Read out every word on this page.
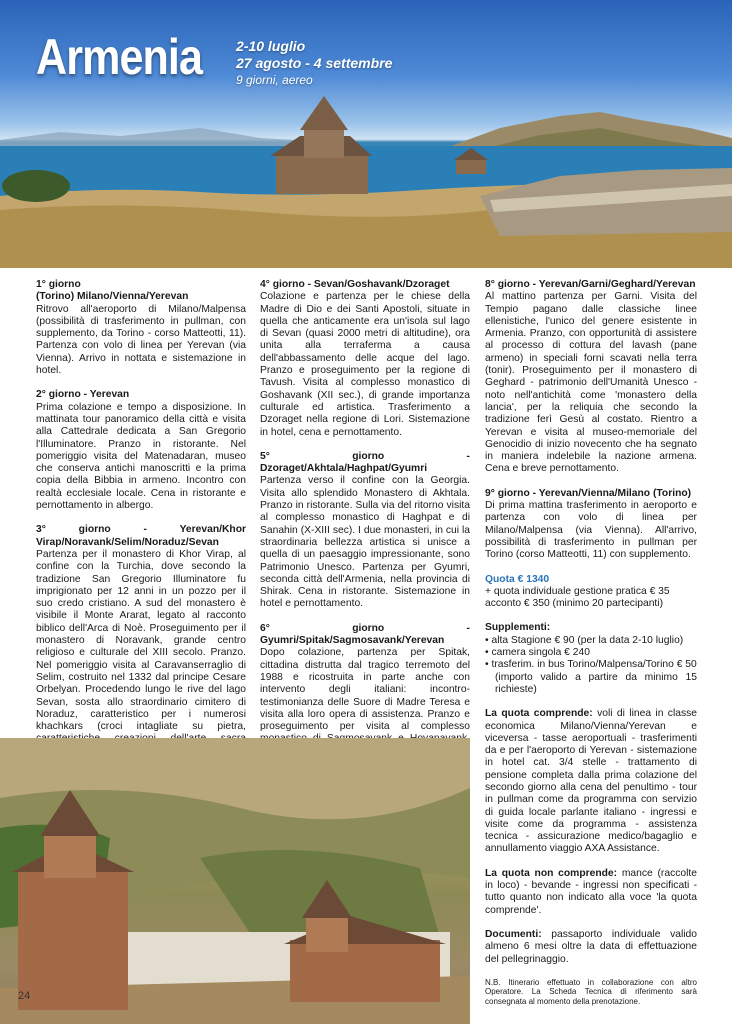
Armenia 2-10 luglio
27 agosto - 4 settembre
9 giorni, aereo
1° giorno
(Torino) Milano/Vienna/Yerevan
Ritrovo all'aeroporto di Milano/Malpensa (possibilità di trasferimento in pullman, con supplemento, da Torino - corso Matteotti, 11). Partenza con volo di linea per Yerevan (via Vienna). Arrivo in nottata e sistemazione in hotel.
2° giorno - Yerevan
Prima colazione e tempo a disposizione. In mattinata tour panoramico della città e visita alla Cattedrale dedicata a San Gregorio l'Illuminatore. Pranzo in ristorante. Nel pomeriggio visita del Matenadaran, museo che conserva antichi manoscritti e la prima copia della Bibbia in armeno. Incontro con realtà ecclesiale locale. Cena in ristorante e pernottamento in albergo.
3° giorno - Yerevan/Khor Virap/Noravank/Selim/Noraduz/Sevan
Partenza per il monastero di Khor Virap, al confine con la Turchia, dove secondo la tradizione San Gregorio Illuminatore fu imprigionato per 12 anni in un pozzo per il suo credo cristiano. A sud del monastero è visibile il Monte Ararat, legato al racconto biblico dell'Arca di Noè. Proseguimento per il monastero di Noravank, grande centro religioso e culturale del XIII secolo. Pranzo. Nel pomeriggio visita al Caravanserraglio di Selim, costruito nel 1332 dal principe Cesare Orbelyan. Procedendo lungo le rive del lago Sevan, sosta allo straordinario cimitero di Noraduz, caratteristico per i numerosi khachkars (croci intagliate su pietra,
4° giorno - Sevan/Goshavank/Dzoraget
Colazione e partenza per le chiese della Madre di Dio e dei Santi Apostoli, situate in quella che anticamente era un'isola sul lago di Sevan (quasi 2000 metri di altitudine), ora unita alla terraferma a causa dell'abbassamento delle acque del lago. Pranzo e proseguimento per la regione di Tavush. Visita al complesso monastico di Goshavank (XII sec.), di grande importanza culturale ed artistica. Trasferimento a Dzoraget nella regione di Lori. Sistemazione in hotel, cena e pernottamento.
5° giorno - Dzoraget/Akhtala/Haghpat/Gyumri
Partenza verso il confine con la Georgia. Visita allo splendido Monastero di Akhtala. Pranzo in ristorante. Sulla via del ritorno visita al complesso monastico di Haghpat e di Sanahin (X-XIII sec). I due monasteri, in cui la straordinaria bellezza artistica si unisce a quella di un paesaggio impressionante, sono Patrimonio Unesco. Partenza per Gyumri, seconda città dell'Armenia, nella provincia di Shirak. Cena in ristorante. Sistemazione in hotel e pernottamento.
6° giorno - Gyumri/Spitak/Sagmosavank/Yerevan
Dopo colazione, partenza per Spitak, cittadina distrutta dal tragico terremoto del 1988 e ricostruita in parte anche con intervento degli italiani: incontro-testimonianza delle Suore di Madre Teresa e visita alla loro opera di assistenza. Pranzo e proseguimento per visita al complesso
8° giorno - Yerevan/Garni/Geghard/Yerevan
Al mattino partenza per Garni. Visita del Tempio pagano dalle classiche linee ellenistiche, l'unico del genere esistente in Armenia. Pranzo, con opportunità di assistere al processo di cottura del lavash (pane armeno) in speciali forni scavati nella terra (tonir). Proseguimento per il monastero di Geghard - patrimonio dell'Umanità Unesco - noto nell'antichità come 'monastero della lancia', per la reliquia che secondo la tradizione ferì Gesù al costato. Rientro a Yerevan e visita al museo-memoriale del Genocidio di inizio novecento che ha segnato in maniera indelebile la nazione armena. Cena e breve pernottamento.
9° giorno - Yerevan/Vienna/Milano (Torino)
Di prima mattina trasferimento in aeroporto e partenza con volo di linea per Milano/Malpensa (via Vienna). All'arrivo, possibilità di trasferimento in pullman per Torino (corso Matteotti, 11) con supplemento.
Quota € 1340
+ quota individuale gestione pratica € 35
acconto € 350 (minimo 20 partecipanti)
Supplementi:
• alta Stagione € 90 (per la data 2-10 luglio)
• camera singola € 240
• trasferim. in bus Torino/Malpensa/Torino € 50
(importo valido a partire da minimo 15 richieste)
La quota comprende: voli di linea in classe economica Milano/Vienna/Yerevan e viceversa - tasse aeroportuali - trasferimenti da e per l'aeroporto di Yerevan - sistemazione in hotel cat. 3/4 stelle - trattamento di pensione completa dalla prima colazione del secondo giorno alla cena del penultimo - tour in pullman come da programma con servizio di guida locale parlante italiano - ingressi e visite come da programma - assistenza tecnica - assicurazione medico/bagaglio e annullamento viaggio AXA Assistance.
La quota non comprende: mance (raccolte in loco) - bevande - ingressi non specificati - tutto quanto non indicato alla voce 'la quota comprende'.
Documenti: passaporto individuale valido almeno 6 mesi oltre la data di effettuazione del pellegrinaggio.
N.B. Itinerario effettuato in collaborazione con altro Operatore. La Scheda Tecnica di riferimento sarà consegnata al momento della prenotazione.
24
